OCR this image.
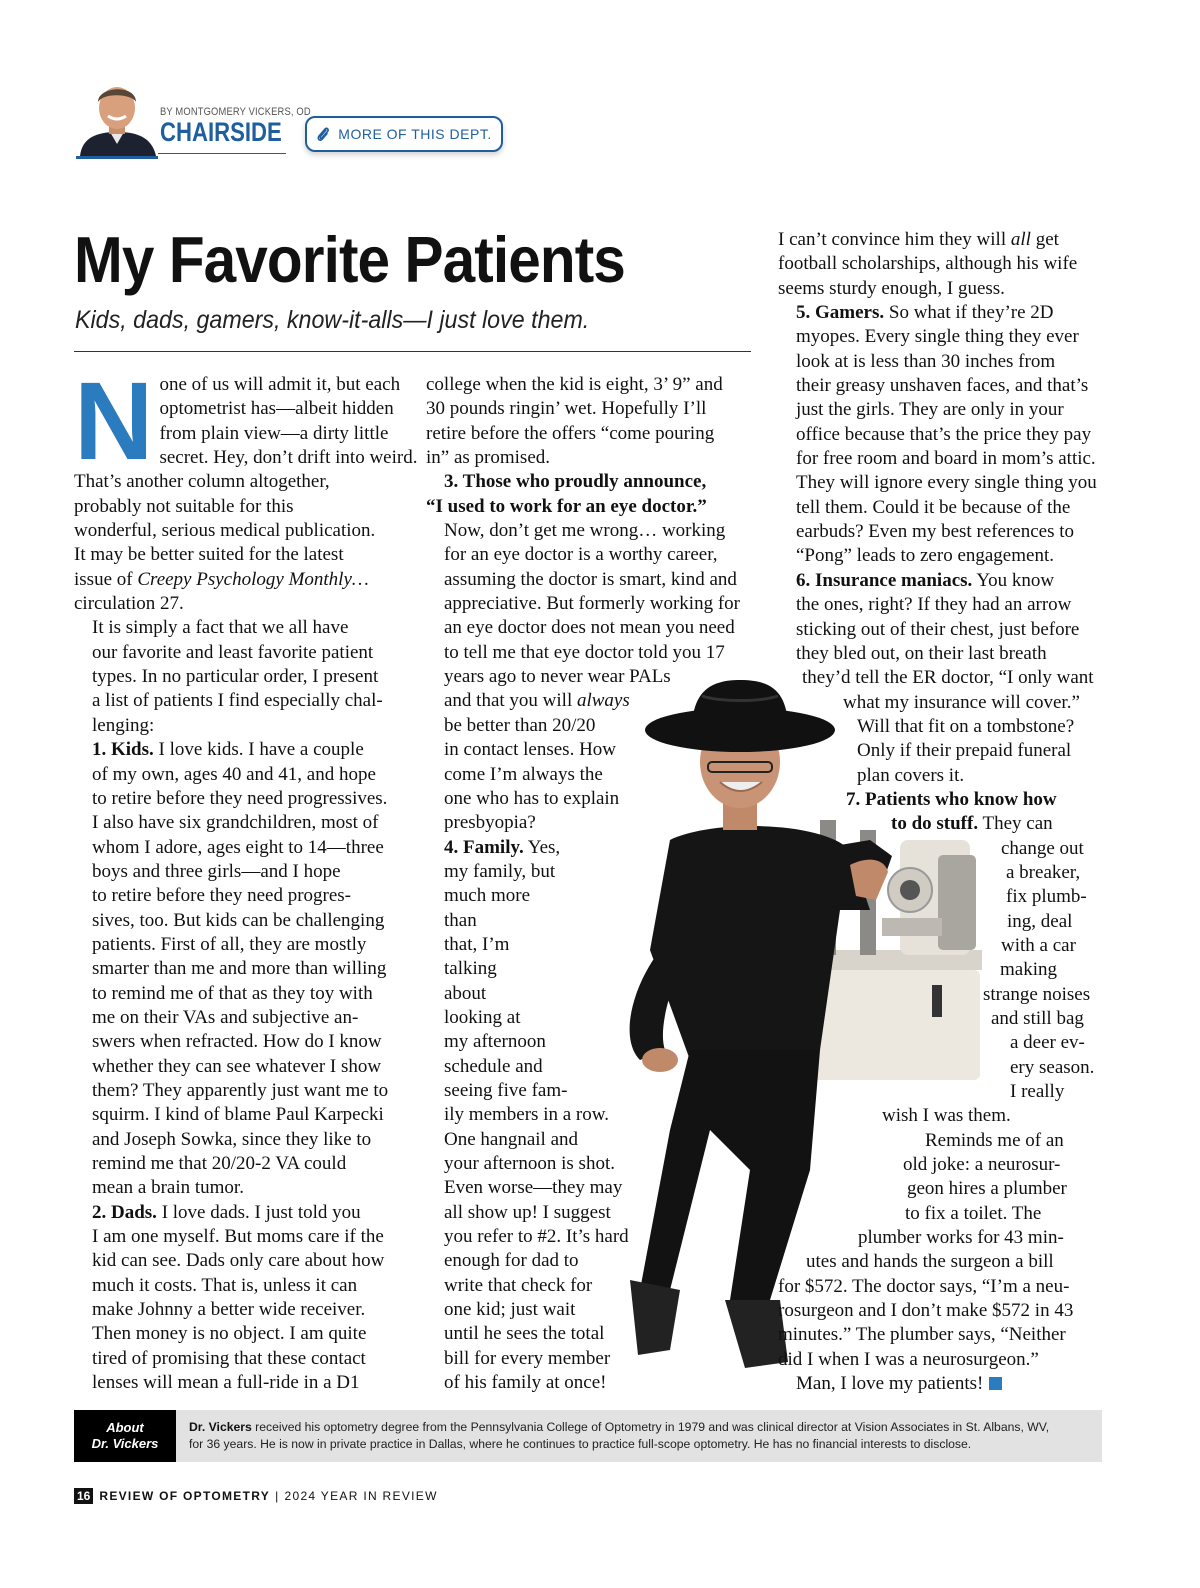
BY MONTGOMERY VICKERS, OD
CHAIRSIDE	MORE OF THIS DEPT.
My Favorite Patients

Kids, dads, gamers, know-it-alls—I just love them.

N one of us will admit it, but each
optometrist has—albeit hidden
from plain view—a dirty little
secret. Hey, don’t drift into weird.
That’s another column altogether,
probably not suitable for this
wonderful, serious medical publication.
It may be better suited for the latest
issue of Creepy Psychology Monthly…
circulation 27.

It is simply a fact that we all have
our favorite and least favorite patient
types. In no particular order, I present
a list of patients I find especially chal-
lenging:

1. Kids. I love kids. I have a couple
of my own, ages 40 and 41, and hope
to retire before they need progressives.
I also have six grandchildren, most of
whom I adore, ages eight to 14—three
boys and three girls—and I hope
to retire before they need progres-
sives, too. But kids can be challenging
patients. First of all, they are mostly
smarter than me and more than willing
to remind me of that as they toy with
me on their VAs and subjective an-
swers when refracted. How do I know
whether they can see whatever I show
them? They apparently just want me to
squirm. I kind of blame Paul Karpecki
and Joseph Sowka, since they like to
remind me that 20/20-2 VA could
mean a brain tumor.

2. Dads. I love dads. I just told you
I am one myself. But moms care if the
kid can see. Dads only care about how
much it costs. That is, unless it can
make Johnny a better wide receiver.
Then money is no object. I am quite
tired of promising that these contact
lenses will mean a full-ride in a D1

college when the kid is eight, 3’ 9” and
30 pounds ringin’ wet. Hopefully I’ll
retire before the offers “come pouring
in” as promised.

3. Those who proudly announce,
“I used to work for an eye doctor.”
Now, don’t get me wrong… working
for an eye doctor is a worthy career,
assuming the doctor is smart, kind and
appreciative. But formerly working for
an eye doctor does not mean you need
to tell me that eye doctor told you 17
years ago to never wear PALs
and that you will always
be better than 20/20
in contact lenses. How
come I’m always the
one who has to explain
presbyopia?

4. Family. Yes,
my family, but
much more
than
that, I’m
talking
about
looking at
my afternoon
schedule and
seeing five fam-
ily members in a row.
One hangnail and
your afternoon is shot.
Even worse—they may
all show up! I suggest
you refer to #2. It’s hard
enough for dad to
write that check for
one kid; just wait
until he sees the total
bill for every member
of his family at once!

I can’t convince him they will all get
football scholarships, although his wife
seems sturdy enough, I guess.

5. Gamers. So what if they’re 2D
myopes. Every single thing they ever
look at is less than 30 inches from
their greasy unshaven faces, and that’s
just the girls. They are only in your
office because that’s the price they pay
for free room and board in mom’s attic.
They will ignore every single thing you
tell them. Could it be because of the
earbuds? Even my best references to
“Pong” leads to zero engagement.

6. Insurance maniacs. You know
the ones, right? If they had an arrow
sticking out of their chest, just before
they bled out, on their last breath
they’d tell the ER doctor, “I only want
what my insurance will cover.”
Will that fit on a tombstone?
Only if their prepaid funeral
plan covers it.

7. Patients who know how
to do stuff. They can
change out
a breaker,
fix plumb-
ing, deal
with a car
making
strange noises
and still bag
a deer ev-
ery season.
I really
wish I was them.

Reminds me of an
old joke: a neurosur-
geon hires a plumber
to fix a toilet. The
plumber works for 43 min-
utes and hands the surgeon a bill
for $572. The doctor says, “I’m a neu-
rosurgeon and I don’t make $572 in 43
minutes.” The plumber says, “Neither
did I when I was a neurosurgeon.”

Man, I love my patients!

About
Dr. Vickers
Dr. Vickers received his optometry degree from the Pennsylvania College of Optometry in 1979 and was clinical director at Vision Associates in St. Albans, WV,
for 36 years. He is now in private practice in Dallas, where he continues to practice full-scope optometry. He has no financial interests to disclose.
16 REVIEW OF OPTOMETRY | 2024 YEAR IN REVIEW
